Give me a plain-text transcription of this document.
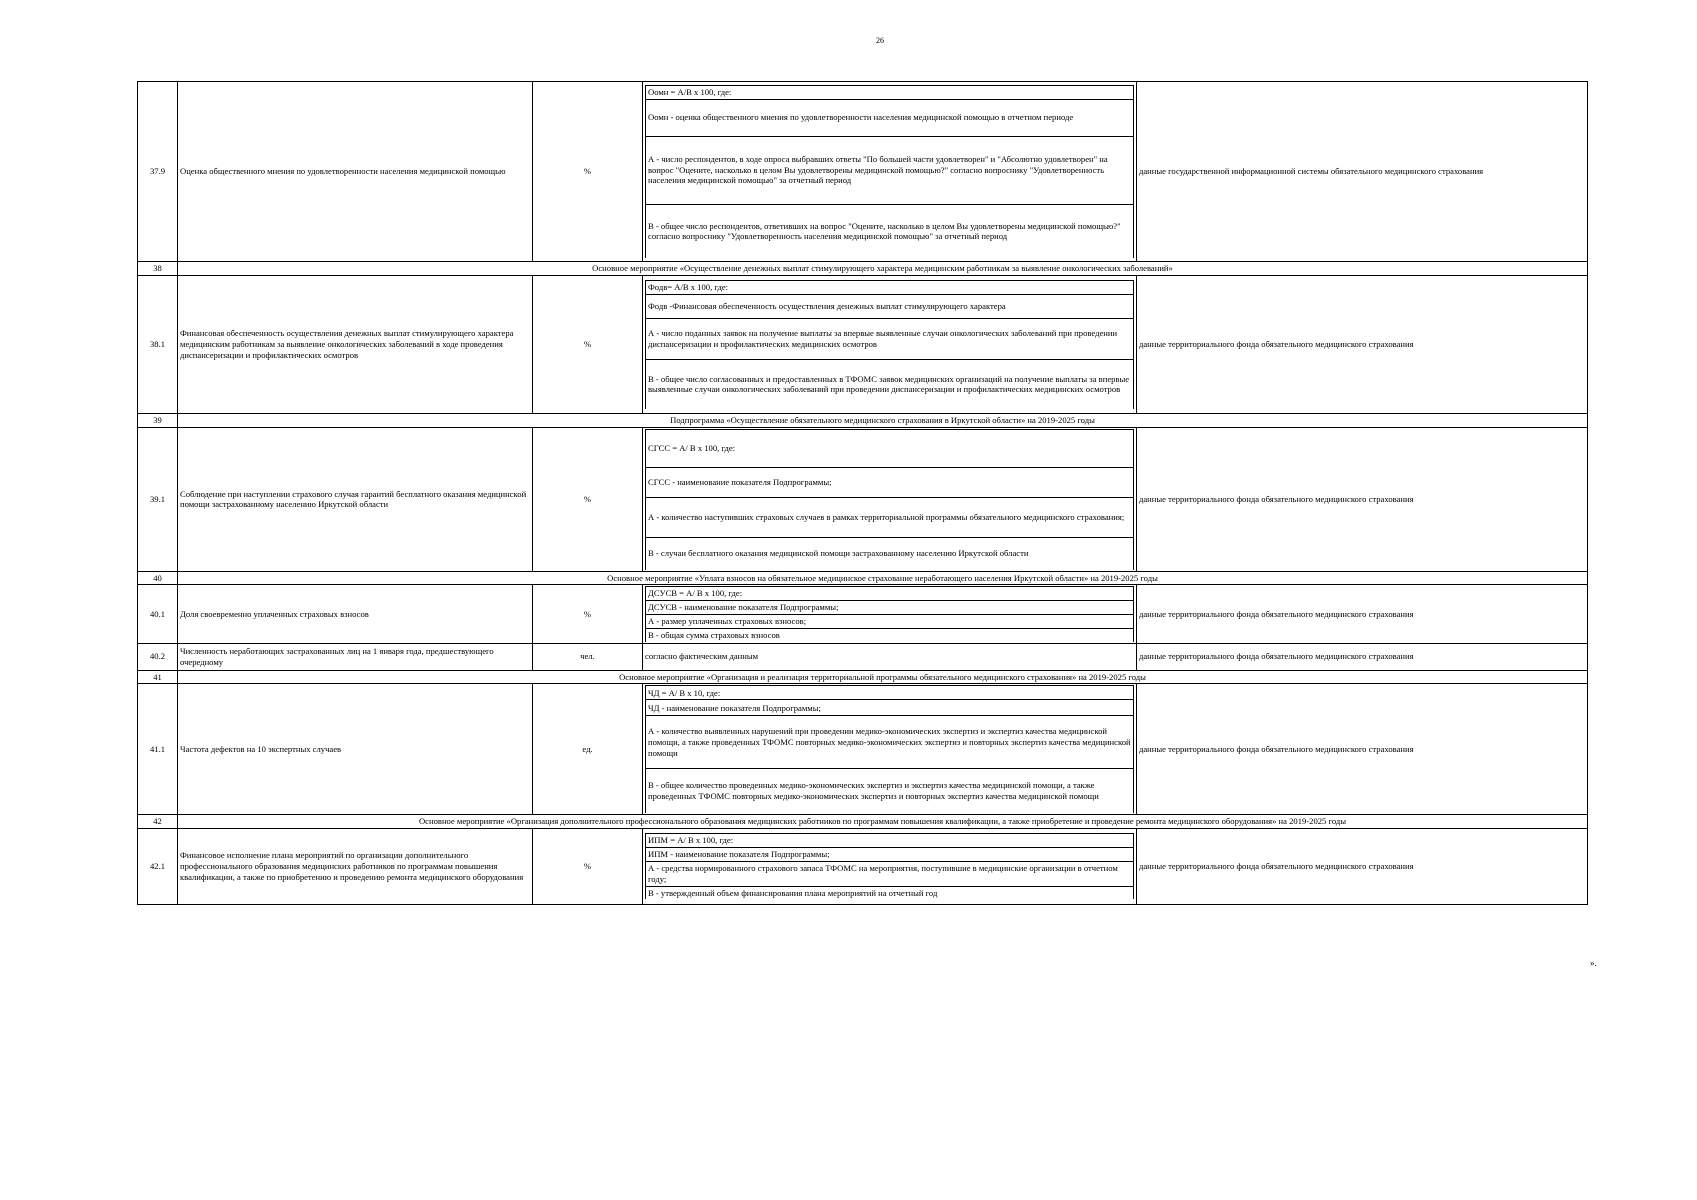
26
37.9	Оценка общественного мнения по удовлетворенности населения медицинской помощью	%	
Оомн = А/В х 100, где:
Оомн - оценка общественного мнения по удовлетворенности населения медицинской помощью в отчетном периоде
А - число респондентов, в ходе опроса выбравших ответы "По большей части удовлетворен" и "Абсолютно удовлетворен" на вопрос "Оцените, насколько в целом Вы удовлетворены медицинской помощью?" согласно вопроснику "Удовлетворенность населения медицинской помощью" за отчетный период
В - общее число респондентов, ответивших на вопрос "Оцените, насколько в целом Вы удовлетворены медицинской помощью?" согласно вопроснику "Удовлетворенность населения медицинской помощью" за отчетный период
	данные государственной информационной системы обязательного медицинского страхования
38	Основное мероприятие «Осуществление денежных выплат стимулирующего характера медицинским работникам за выявление онкологических заболеваний»
38.1	Финансовая обеспеченность осуществления денежных выплат стимулирующего характера медицинским работникам за выявление онкологических заболеваний в ходе проведения диспансеризации и профилактических осмотров	%	
Фодв= А/В х 100, где:
Фодв -Финансовая обеспеченность осуществления денежных выплат стимулирующего характера
А - число поданных заявок на получение выплаты за впервые выявленные случаи онкологических заболеваний при проведении диспансеризации и профилактических медицинских осмотров
В - общее число согласованных и предоставленных в ТФОМС заявок медицинских организаций на получение выплаты за впервые выявленные случаи онкологических заболеваний при проведении диспансеризации и профилактических медицинских осмотров
	данные территориального фонда обязательного медицинского страхования
39	Подпрограмма «Осуществление обязательного медицинского страхования в Иркутской области» на 2019-2025 годы
39.1	Соблюдение при наступлении страхового случая гарантий бесплатного оказания медицинской помощи застрахованному населению Иркутской области	%	
СГСС = А/ В х 100, где:
СГСС - наименование показателя Подпрограммы;
А - количество наступивших страховых случаев в рамках территориальной программы обязательного медицинского страхования;
В - случаи бесплатного оказания медицинской помощи застрахованному населению Иркутской области
	данные территориального фонда обязательного медицинского страхования
40	Основное мероприятие «Уплата взносов на обязательное медицинское страхование неработающего населения Иркутской области» на 2019-2025 годы
40.1	Доля своевременно уплаченных страховых взносов	%	
ДСУСВ = А/ В х 100, где:
ДСУСВ - наименование показателя Подпрограммы;
А - размер уплаченных страховых взносов;
В - общая сумма страховых взносов
	данные территориального фонда обязательного медицинского страхования
40.2	Численность неработающих застрахованных лиц на 1 января года, предшествующего очередному	чел.	согласно фактическим данным	данные территориального фонда обязательного медицинского страхования
41	Основное мероприятие «Организация и реализация территориальной программы обязательного медицинского страхования» на 2019-2025 годы
41.1	Частота дефектов на 10 экспертных случаев	ед.	
ЧД = А/ В х 10, где:
ЧД - наименование показателя Подпрограммы;
А - количество выявленных нарушений при проведении медико-экономических экспертиз и экспертиз качества медицинской помощи, а также проведенных ТФОМС повторных медико-экономических экспертиз и повторных экспертиз качества медицинской помощи
В - общее количество проведенных медико-экономических экспертиз и экспертиз качества медицинской помощи, а также проведенных ТФОМС повторных медико-экономических экспертиз и повторных экспертиз качества медицинской помощи
	данные территориального фонда обязательного медицинского страхования
42	Основное мероприятие «Организация дополнительного профессионального образования медицинских работников по программам повышения квалификации, а также приобретение и проведение ремонта медицинского оборудования» на 2019-2025 годы
42.1	Финансовое исполнение плана мероприятий по организации дополнительного профессионального образования медицинских работников по программам повышения квалификации, а также по приобретению и проведению ремонта медицинского оборудования	%	
ИПМ = А/ В х 100, где:
ИПМ - наименование показателя Подпрограммы;
А - средства нормированного страхового запаса ТФОМС на мероприятия, поступившие в медицинские организации в отчетном году;
В - утвержденный объем финансирования плана мероприятий на отчетный год
	данные территориального фонда обязательного медицинского страхования
».
